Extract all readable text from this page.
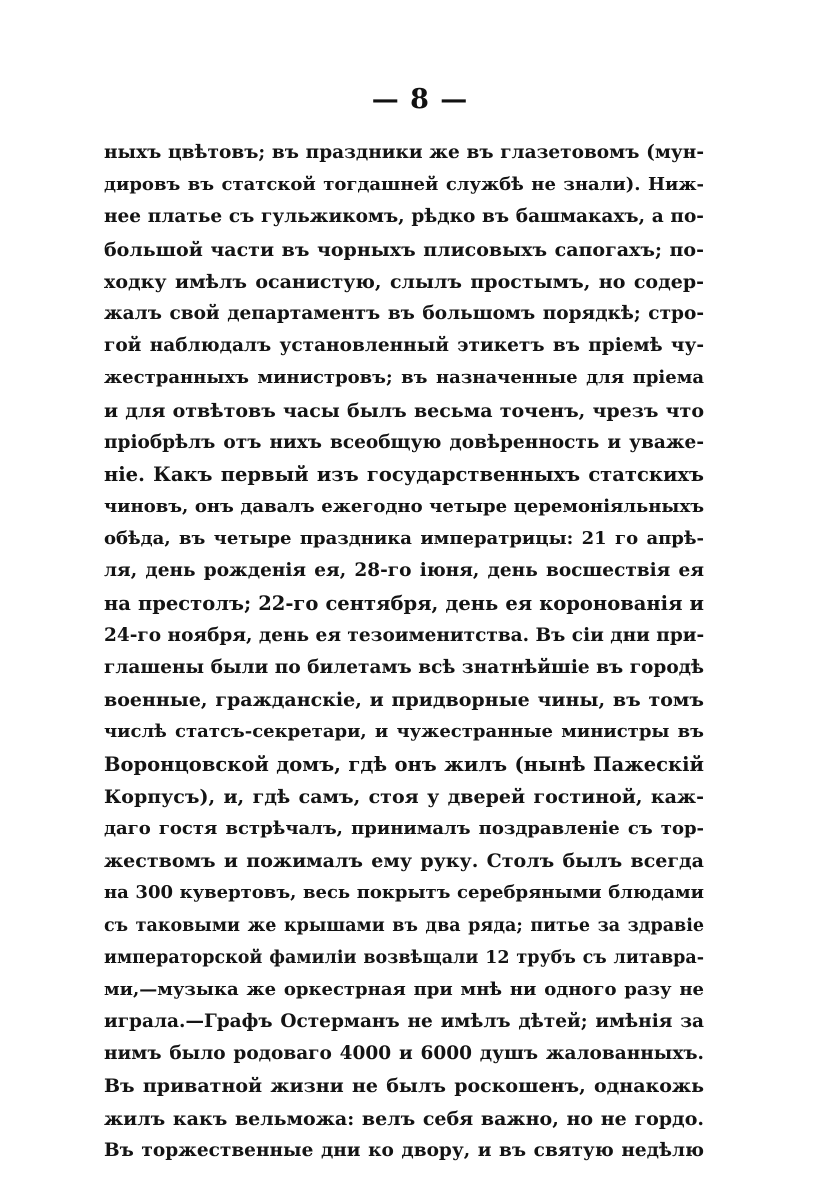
— 8 —
ныхъ цвѣтовъ; въ праздники же въ глазетовомъ (мун-
дировъ въ статской тогдашней службѣ не знали). Ниж-
нее платье съ гульжикомъ, рѣдко въ башмакахъ, а по-
большой части въ чорныхъ плисовыхъ сапогахъ; по-
ходку имѣлъ осанистую, слылъ простымъ, но содер-
жалъ свой департаментъ въ большомъ порядкѣ; стро-
гой наблюдалъ установленный этикетъ въ пріемѣ чу-
жестранныхъ министровъ; въ назначенные для пріема
и для отвѣтовъ часы былъ весьма точенъ, чрезъ что
пріобрѣлъ отъ нихъ всеобщую довѣренность и уваже-
ніе. Какъ первый изъ государственныхъ статскихъ
чиновъ, онъ давалъ ежегодно четыре церемоніяльныхъ
обѣда, въ четыре праздника императрицы: 21 го апрѣ-
ля, день рожденія ея, 28-го іюня, день восшествія ея
на престолъ; 22-го сентября, день ея коронованія и
24-го ноября, день ея тезоименитства. Въ сіи дни при-
глашены были по билетамъ всѣ знатнѣйшіе въ городѣ
военные, гражданскіе, и придворные чины, въ томъ
числѣ статсъ-секретари, и чужестранные министры въ
Воронцовской домъ, гдѣ онъ жилъ (нынѣ Пажескій
Корпусъ), и, гдѣ самъ, стоя у дверей гостиной, каж-
даго гостя встрѣчалъ, принималъ поздравленіе съ тор-
жествомъ и пожималъ ему руку. Столъ былъ всегда
на 300 кувертовъ, весь покрытъ серебряными блюдами
съ таковыми же крышами въ два ряда; питье за здравіе
императорской фамиліи возвѣщали 12 трубъ съ литавра-
ми,—музыка же оркестрная при мнѣ ни одного разу не
играла.—Графъ Остерманъ не имѣлъ дѣтей; имѣнія за
нимъ было родоваго 4000 и 6000 душъ жалованныхъ.
Въ приватной жизни не былъ роскошенъ, однакожь
жилъ какъ вельможа: велъ себя важно, но не гордо.
Въ торжественные дни ко двору, и въ святую недѣлю
